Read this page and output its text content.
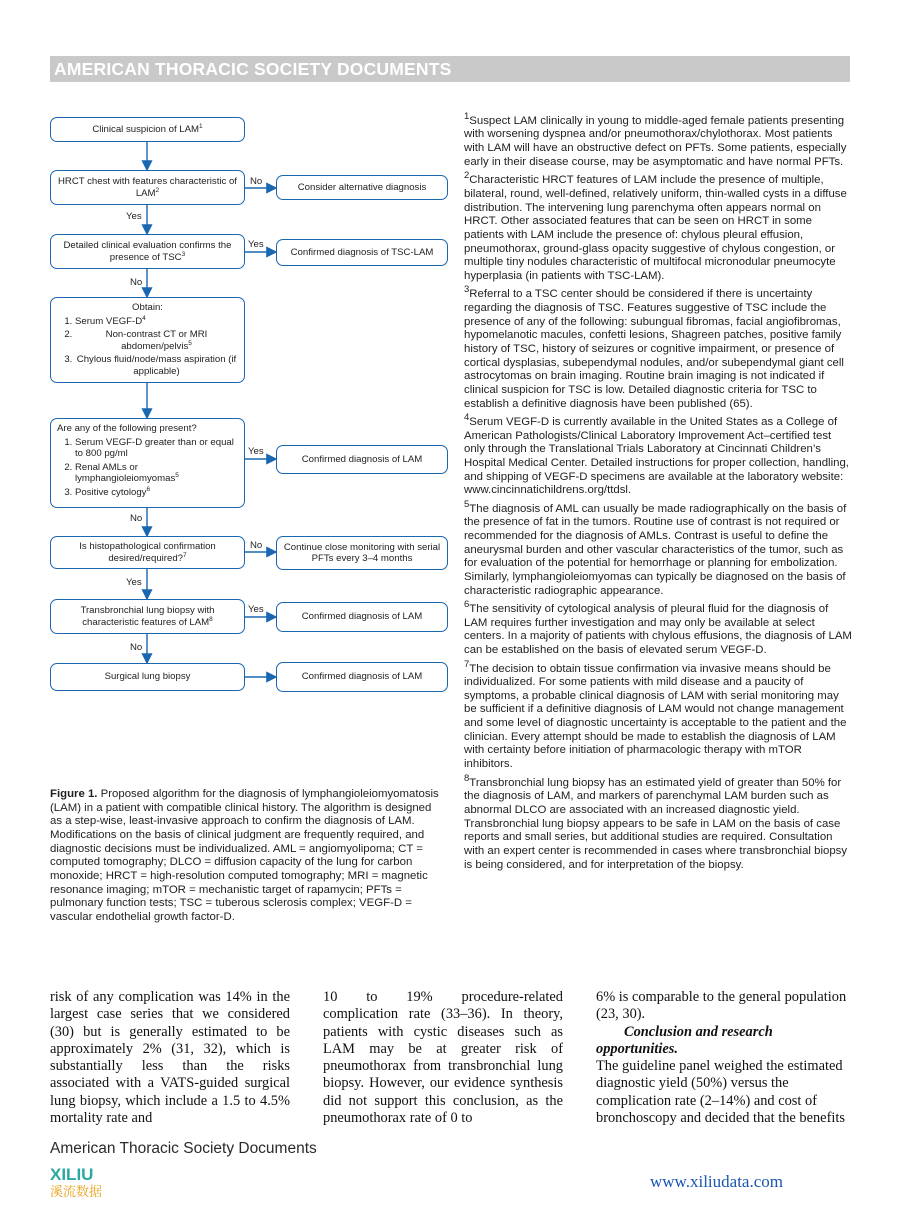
AMERICAN THORACIC SOCIETY DOCUMENTS
Clinical suspicion of LAM$^1$
HRCT chest with features characteristic of LAM$^2$
No
Consider alternative diagnosis
Yes
Detailed clinical evaluation confirms the presence of TSC$^3$
Yes
Confirmed diagnosis of TSC-LAM
No
Obtain:
1. Serum VEGF-$D^4$
2. Non-contrast CT or MRI abdomen/pelvis$^5$
3. Chylous fluid/node/mass aspiration (if applicable)
Are any of the following present?
1. Serum VEGF-D greater than or equal to 800 pg/ml
2. Renal AMLs or lymphangioleiomyomas$^5$
3. Positive cytology$^6$
Yes
Confirmed diagnosis of LAM
No
Is histopathological confirmation desired/required?$^7$
No Continue close monitoring with serial PFTs every 3–4 months
Yes
Transbronchial lung biopsy with characteristic features of LAM$^8$
Yes
Confirmed diagnosis of LAM
No
Surgical lung biopsy	Confirmed diagnosis of LAM

$^1$Suspect LAM clinically in young to middle-aged female patients presenting with worsening dyspnea and/or pneumothorax/chylothorax. Most patients with LAM will have an obstructive defect on PFTs. Some patients, especially early in their disease course, may be asymptomatic and have normal PFTs.

$^2$Characteristic HRCT features of LAM include the presence of multiple, bilateral, round, well-defined, relatively uniform, thin-walled cysts in a diffuse distribution. The intervening lung parenchyma often appears normal on HRCT. Other associated features that can be seen on HRCT in some patients with LAM include the presence of: chylous pleural effusion, pneumothorax, ground-glass opacity suggestive of chylous congestion, or multiple tiny nodules characteristic of multifocal micronodular pneumocyte hyperplasia (in patients with TSC-LAM).

$^3$Referral to a TSC center should be considered if there is uncertainty regarding the diagnosis of TSC. Features suggestive of TSC include the presence of any of the following: subungual fibromas, facial angiofibromas, hypomelanotic macules, confetti lesions, Shagreen patches, positive family history of TSC, history of seizures or cognitive impairment, or presence of cortical dysplasias, subependymal nodules, and/or subependymal giant cell astrocytomas on brain imaging. Routine brain imaging is not indicated if clinical suspicion for TSC is low. Detailed diagnostic criteria for TSC to establish a definitive diagnosis have been published (65).

$^4$Serum VEGF-D is currently available in the United States as a College of American Pathologists/Clinical Laboratory Improvement Act–certified test only through the Translational Trials Laboratory at Cincinnati Children’s Hospital Medical Center. Detailed instructions for proper collection, handling, and shipping of VEGF-D specimens are available at the laboratory website: www.cincinnatichildrens.org/ttdsl.

$^5$The diagnosis of AML can usually be made radiographically on the basis of the presence of fat in the tumors. Routine use of contrast is not required or recommended for the diagnosis of AMLs. Contrast is useful to define the aneurysmal burden and other vascular characteristics of the tumor, such as for evaluation of the potential for hemorrhage or planning for embolization. Similarly, lymphangioleiomyomas can typically be diagnosed on the basis of characteristic radiographic appearance.

$^6$The sensitivity of cytological analysis of pleural fluid for the diagnosis of LAM requires further investigation and may only be available at select centers. In a majority of patients with chylous effusions, the diagnosis of LAM can be established on the basis of elevated serum VEGF-D.

$^7$The decision to obtain tissue confirmation via invasive means should be individualized. For some patients with mild disease and a paucity of symptoms, a probable clinical diagnosis of LAM with serial monitoring may be sufficient if a definitive diagnosis of LAM would not change management and some level of diagnostic uncertainty is acceptable to the patient and the clinician. Every attempt should be made to establish the diagnosis of LAM with certainty before initiation of pharmacologic therapy with mTOR inhibitors.

$^8$Transbronchial lung biopsy has an estimated yield of greater than 50% for the diagnosis of LAM, and markers of parenchymal LAM burden such as abnormal DLCO are associated with an increased diagnostic yield. Transbronchial lung biopsy appears to be safe in LAM on the basis of case reports and small series, but additional studies are required. Consultation with an expert center is recommended in cases where transbronchial biopsy is being considered, and for interpretation of the biopsy.

Figure 1. Proposed algorithm for the diagnosis of lymphangioleiomyomatosis (LAM) in a patient with compatible clinical history. The algorithm is designed as a step-wise, least-invasive approach to confirm the diagnosis of LAM. Modifications on the basis of clinical judgment are frequently required, and diagnostic decisions must be individualized. AML = angiomyolipoma; CT = computed tomography; DLCO = diffusion capacity of the lung for carbon monoxide; HRCT = high-resolution computed tomography; MRI = magnetic resonance imaging; mTOR = mechanistic target of rapamycin; PFTs = pulmonary function tests; TSC = tuberous sclerosis complex; VEGF-D = vascular endothelial growth factor-D.

risk of any complication was 14% in the largest case series that we considered (30) but is generally estimated to be approximately 2% (31, 32), which is substantially less than the risks associated with a VATS-guided surgical lung biopsy, which include a 1.5 to 4.5% mortality rate and

10 to 19% procedure-related complication rate (33–36). In theory, patients with cystic diseases such as LAM may be at greater risk of pneumothorax from transbronchial lung biopsy. However, our evidence synthesis did not support this conclusion, as the pneumothorax rate of 0 to

6% is comparable to the general population (23, 30).

Conclusion and research opportunities.

The guideline panel weighed the estimated diagnostic yield (50%) versus the complication rate (2–14%) and cost of bronchoscopy and decided that the benefits

American Thoracic Society Documents
XILIU
溪流数据
www.xiliudata.com
